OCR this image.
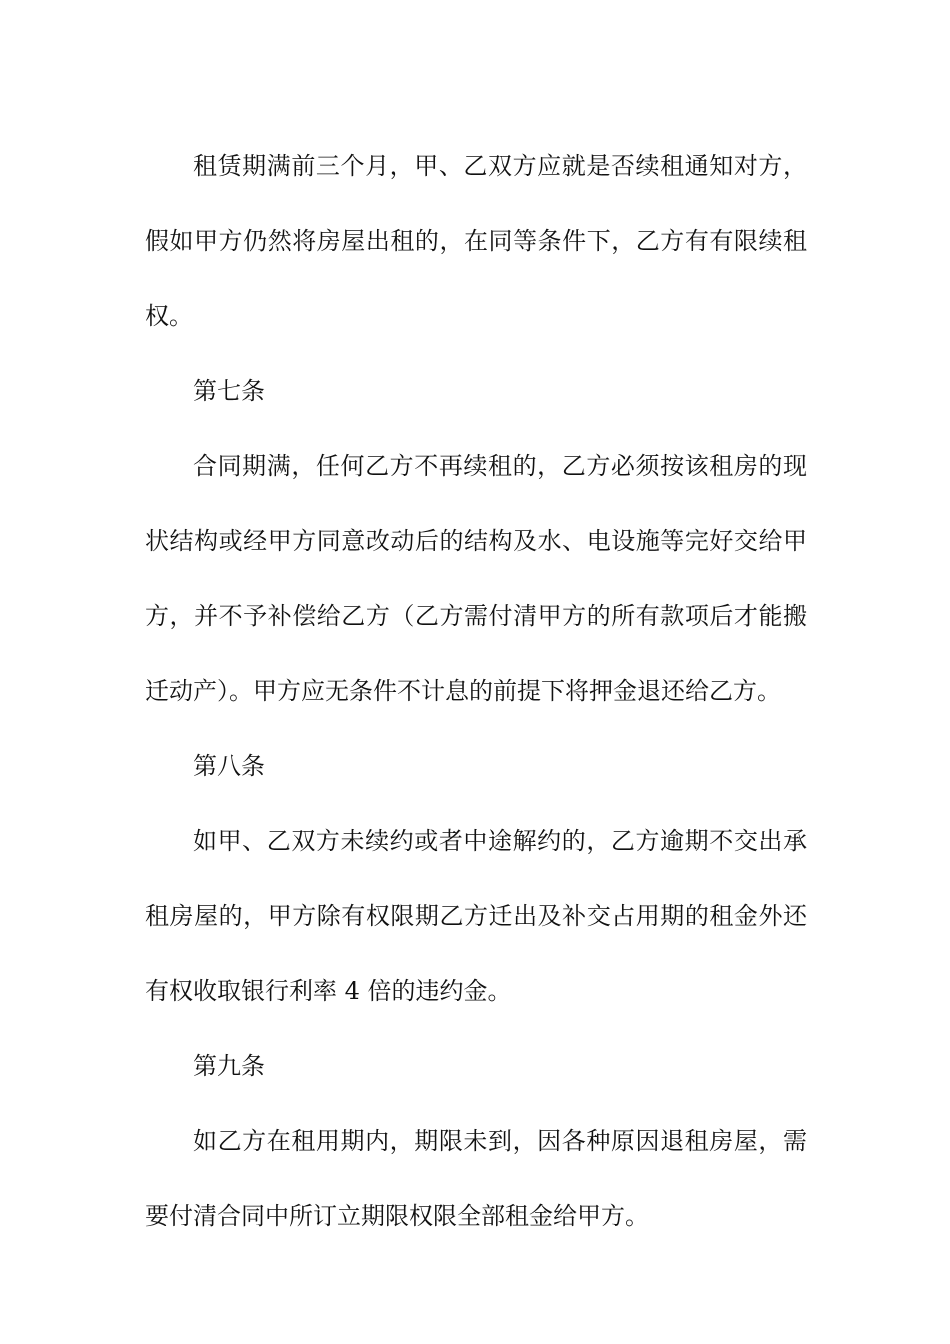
租赁期满前三个月，甲、乙双方应就是否续租通知对方，
假如甲方仍然将房屋出租的，在同等条件下，乙方有有限续租
权。
第七条
合同期满，任何乙方不再续租的，乙方必须按该租房的现
状结构或经甲方同意改动后的结构及水、电设施等完好交给甲
方，并不予补偿给乙方（乙方需付清甲方的所有款项后才能搬
迁动产）。甲方应无条件不计息的前提下将押金退还给乙方。
第八条
如甲、乙双方未续约或者中途解约的，乙方逾期不交出承
租房屋的，甲方除有权限期乙方迁出及补交占用期的租金外还
有权收取银行利率 4 倍的违约金。
第九条
如乙方在租用期内，期限未到，因各种原因退租房屋，需
要付清合同中所订立期限权限全部租金给甲方。
